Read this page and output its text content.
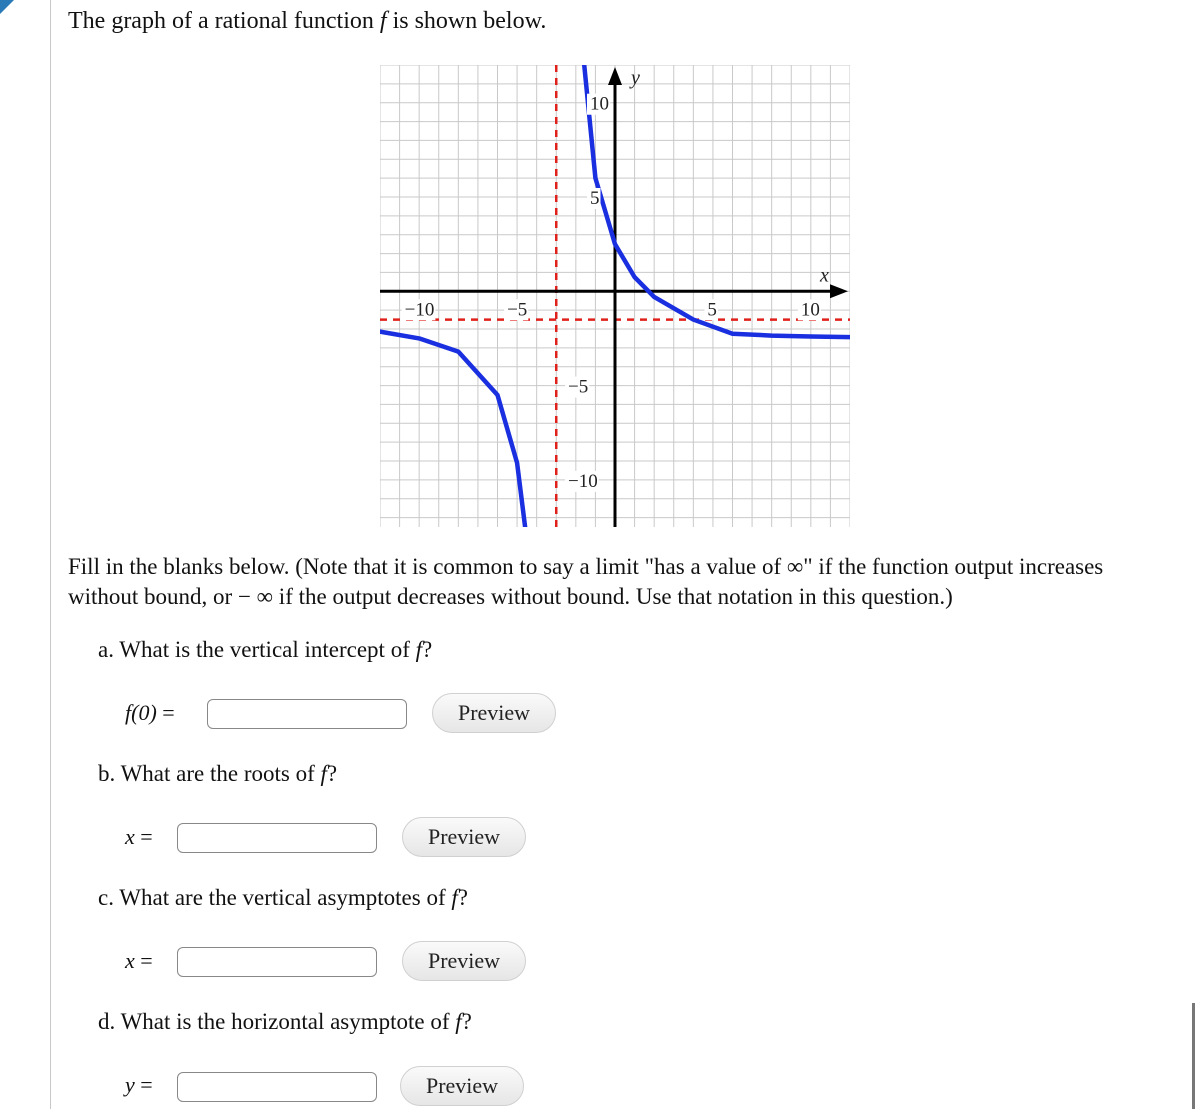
The graph of a rational function f is shown below.
−10	−5	5	10
10
5
−5
−10
x
y
Fill in the blanks below. (Note that it is common to say a limit "has a value of ∞" if the function output increases
without bound, or − ∞ if the output decreases without bound. Use that notation in this question.)
a. What is the vertical intercept of f?
f(0) =	Preview
b. What are the roots of f?
x =	Preview
c. What are the vertical asymptotes of f?
x =	Preview
d. What is the horizontal asymptote of f?
y =	Preview
